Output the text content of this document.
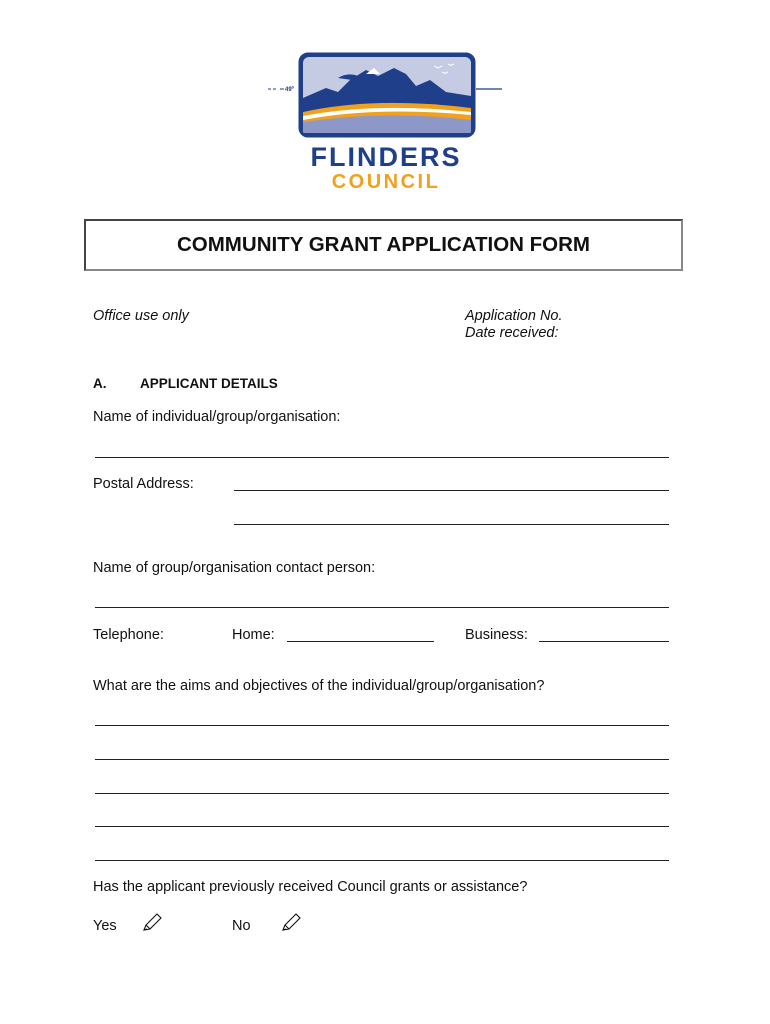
49º
FLINDERS
COUNCIL
COMMUNITY GRANT APPLICATION FORM
Office use only	Application No.
Date received:
A. APPLICANT DETAILS
Name of individual/group/organisation:
Postal Address:
Name of group/organisation contact person:
Telephone:	Home:	Business:
What are the aims and objectives of the individual/group/organisation?
Has the applicant previously received Council grants or assistance?
Yes	No
